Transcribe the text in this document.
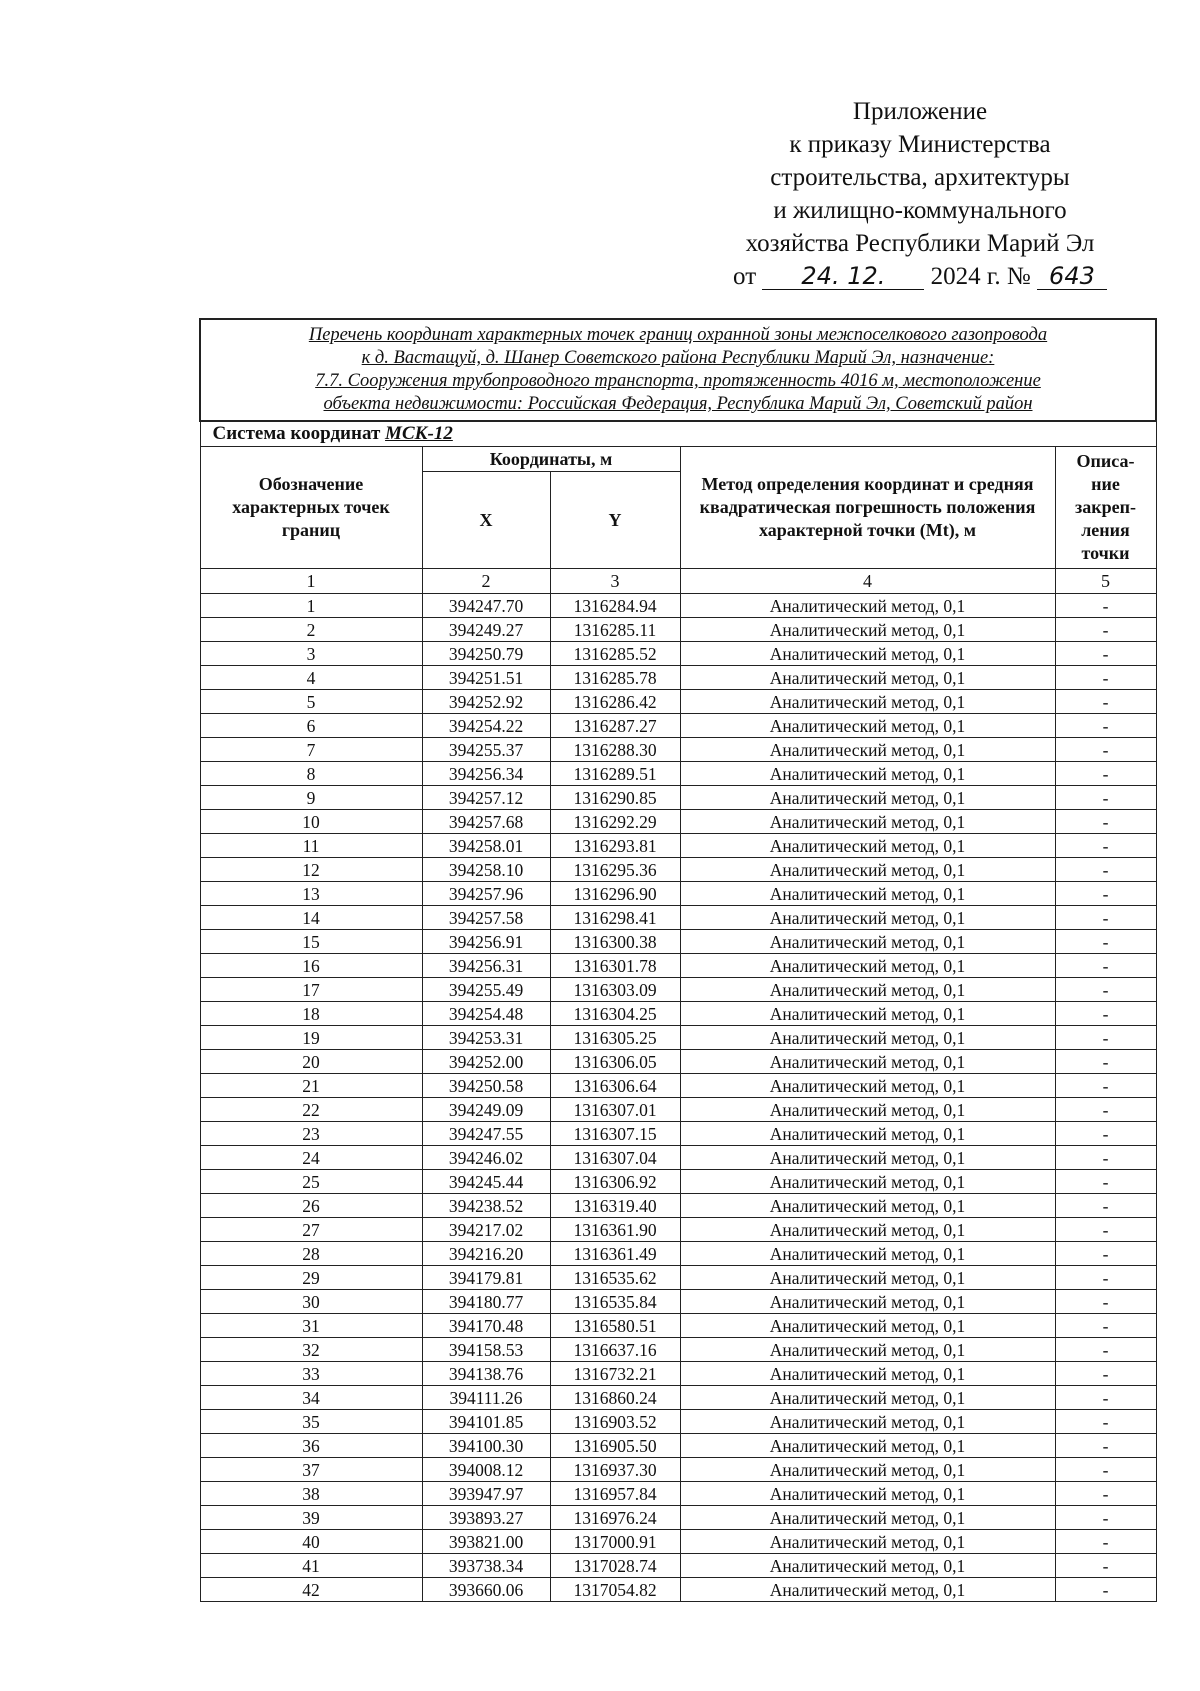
Приложение
к приказу Министерства
строительства, архитектуры
и жилищно-коммунального
хозяйства Республики Марий Эл
от 24. 12. 2024 г. № 643
Перечень координат характерных точек границ охранной зоны межпоселкового газопровода
к д. Вастащуй, д. Шанер Советского района Республики Марий Эл, назначение:
7.7. Сооружения трубопроводного транспорта, протяженность 4016 м, местоположение
объекта недвижимости: Российская Федерация, Республика Марий Эл, Советский район				

Система координат МСК-12				
Обозначение характерных точек границ	Координаты, м		Метод определения координат и средняя квадратическая погрешность положения характерной точки (Mt), м	Описа-ние закреп-ления точки
	X	Y		
1	2	3	4	5
1	394247.70	1316284.94	Аналитический метод, 0,1	-
2	394249.27	1316285.11	Аналитический метод, 0,1	-
3	394250.79	1316285.52	Аналитический метод, 0,1	-
4	394251.51	1316285.78	Аналитический метод, 0,1	-
5	394252.92	1316286.42	Аналитический метод, 0,1	-
6	394254.22	1316287.27	Аналитический метод, 0,1	-
7	394255.37	1316288.30	Аналитический метод, 0,1	-
8	394256.34	1316289.51	Аналитический метод, 0,1	-
9	394257.12	1316290.85	Аналитический метод, 0,1	-
10	394257.68	1316292.29	Аналитический метод, 0,1	-
11	394258.01	1316293.81	Аналитический метод, 0,1	-
12	394258.10	1316295.36	Аналитический метод, 0,1	-
13	394257.96	1316296.90	Аналитический метод, 0,1	-
14	394257.58	1316298.41	Аналитический метод, 0,1	-
15	394256.91	1316300.38	Аналитический метод, 0,1	-
16	394256.31	1316301.78	Аналитический метод, 0,1	-
17	394255.49	1316303.09	Аналитический метод, 0,1	-
18	394254.48	1316304.25	Аналитический метод, 0,1	-
19	394253.31	1316305.25	Аналитический метод, 0,1	-
20	394252.00	1316306.05	Аналитический метод, 0,1	-
21	394250.58	1316306.64	Аналитический метод, 0,1	-
22	394249.09	1316307.01	Аналитический метод, 0,1	-
23	394247.55	1316307.15	Аналитический метод, 0,1	-
24	394246.02	1316307.04	Аналитический метод, 0,1	-
25	394245.44	1316306.92	Аналитический метод, 0,1	-
26	394238.52	1316319.40	Аналитический метод, 0,1	-
27	394217.02	1316361.90	Аналитический метод, 0,1	-
28	394216.20	1316361.49	Аналитический метод, 0,1	-
29	394179.81	1316535.62	Аналитический метод, 0,1	-
30	394180.77	1316535.84	Аналитический метод, 0,1	-
31	394170.48	1316580.51	Аналитический метод, 0,1	-
32	394158.53	1316637.16	Аналитический метод, 0,1	-
33	394138.76	1316732.21	Аналитический метод, 0,1	-
34	394111.26	1316860.24	Аналитический метод, 0,1	-
35	394101.85	1316903.52	Аналитический метод, 0,1	-
36	394100.30	1316905.50	Аналитический метод, 0,1	-
37	394008.12	1316937.30	Аналитический метод, 0,1	-
38	393947.97	1316957.84	Аналитический метод, 0,1	-
39	393893.27	1316976.24	Аналитический метод, 0,1	-
40	393821.00	1317000.91	Аналитический метод, 0,1	-
41	393738.34	1317028.74	Аналитический метод, 0,1	-
42	393660.06	1317054.82	Аналитический метод, 0,1	-
